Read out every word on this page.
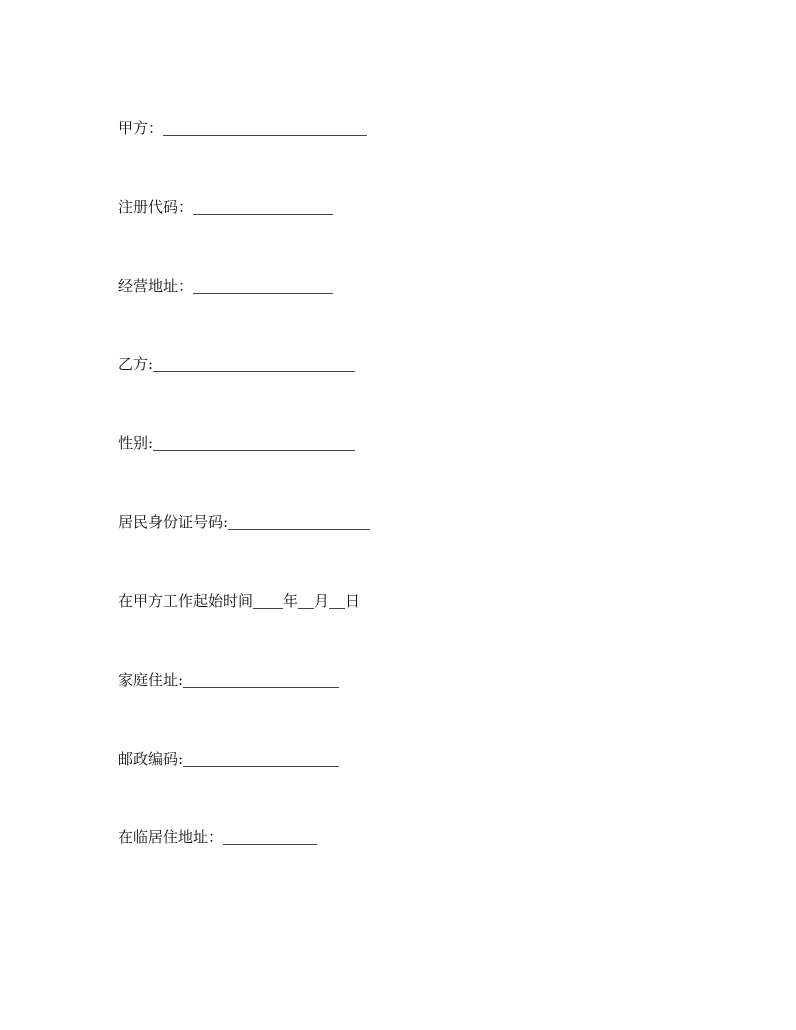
甲方：
注册代码：
经营地址：
乙方:
性别:
居民身份证号码:
在甲方工作起始时间 年 月 日
家庭住址:
邮政编码:
在临居住地址：
